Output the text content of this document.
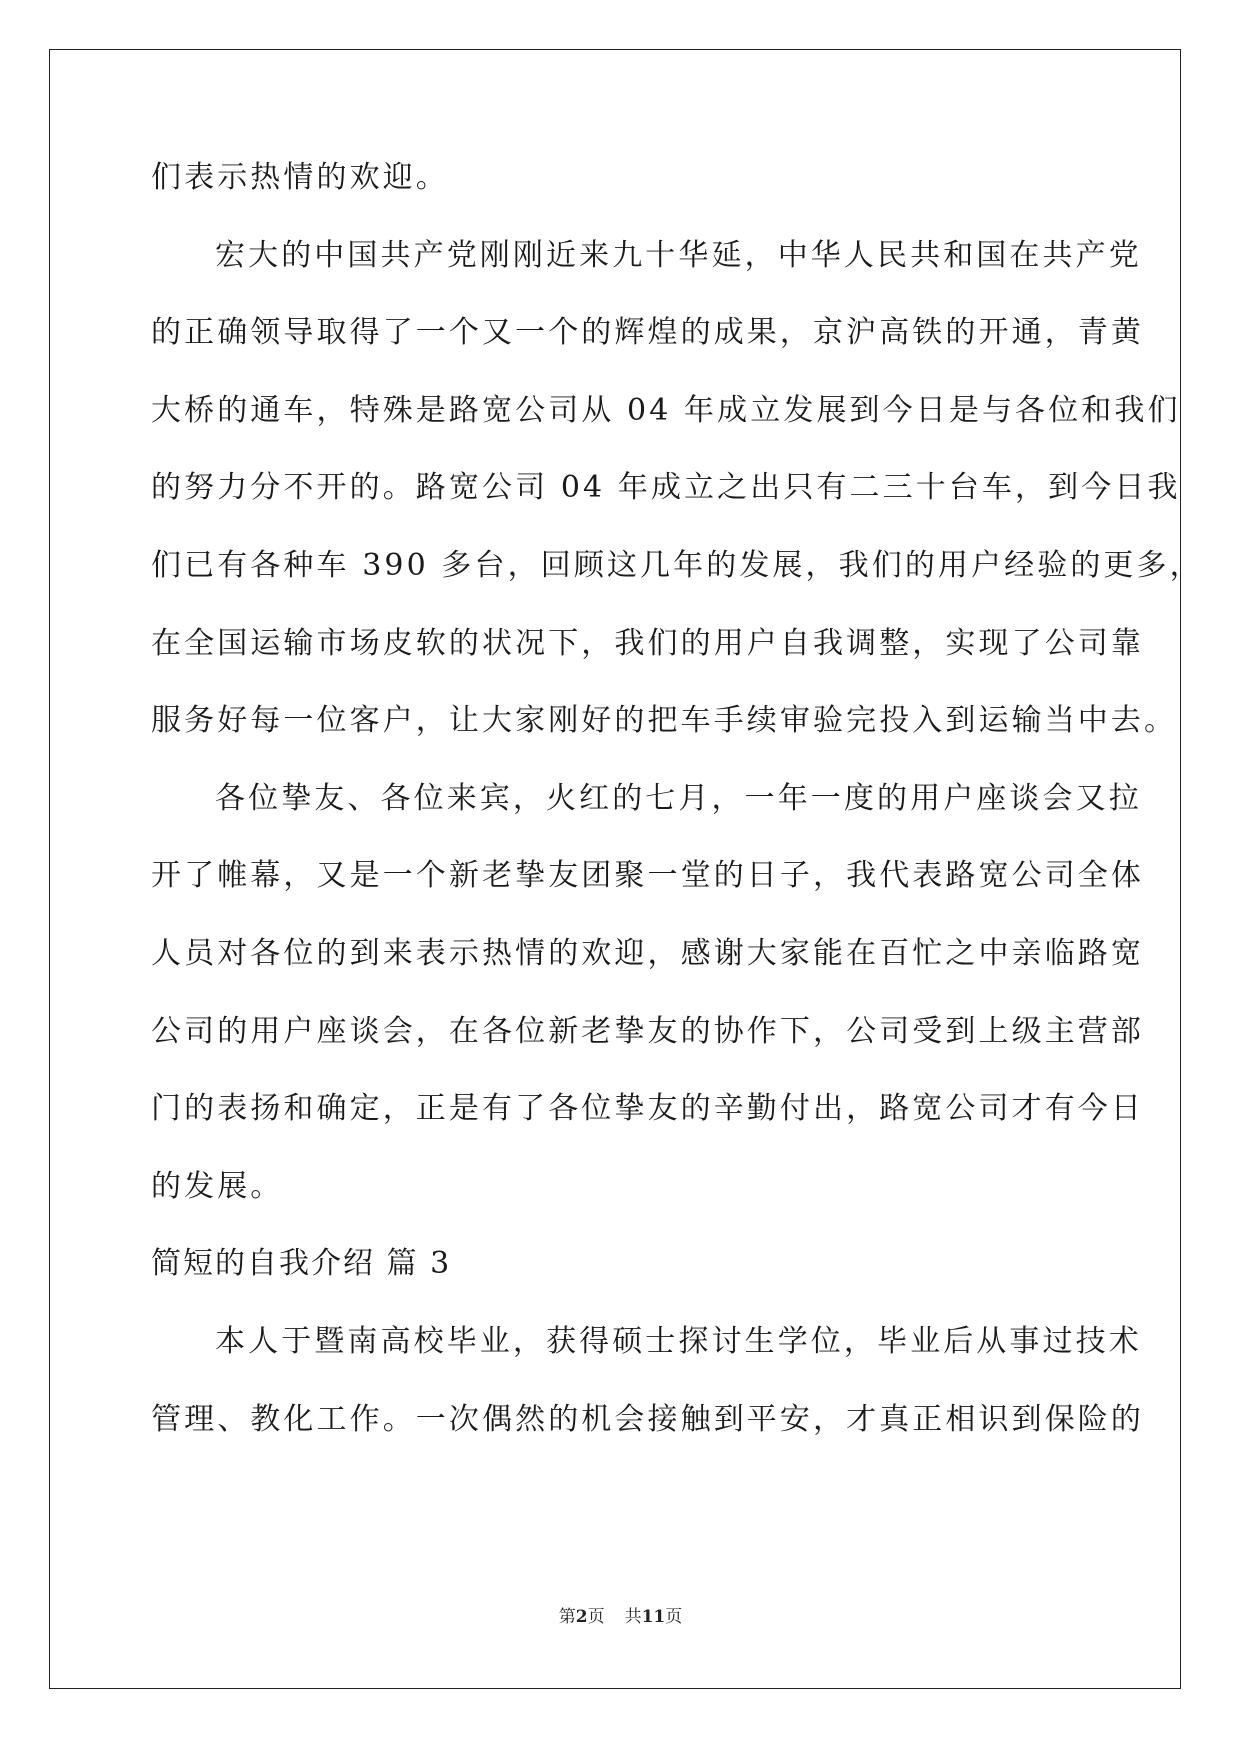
们表示热情的欢迎。
宏大的中国共产党刚刚近来九十华延，中华人民共和国在共产党
的正确领导取得了一个又一个的辉煌的成果，京沪高铁的开通，青黄
大桥的通车，特殊是路宽公司从 04 年成立发展到今日是与各位和我们
的努力分不开的。路宽公司 04 年成立之出只有二三十台车，到今日我
们已有各种车 390 多台，回顾这几年的发展，我们的用户经验的更多，
在全国运输市场皮软的状况下，我们的用户自我调整，实现了公司靠
服务好每一位客户，让大家刚好的把车手续审验完投入到运输当中去。
各位挚友、各位来宾，火红的七月，一年一度的用户座谈会又拉
开了帷幕，又是一个新老挚友团聚一堂的日子，我代表路宽公司全体
人员对各位的到来表示热情的欢迎，感谢大家能在百忙之中亲临路宽
公司的用户座谈会，在各位新老挚友的协作下，公司受到上级主营部
门的表扬和确定，正是有了各位挚友的辛勤付出，路宽公司才有今日
的发展。
简短的自我介绍 篇 3
本人于暨南高校毕业，获得硕士探讨生学位，毕业后从事过技术
管理、教化工作。一次偶然的机会接触到平安，才真正相识到保险的
第2页 共11页
